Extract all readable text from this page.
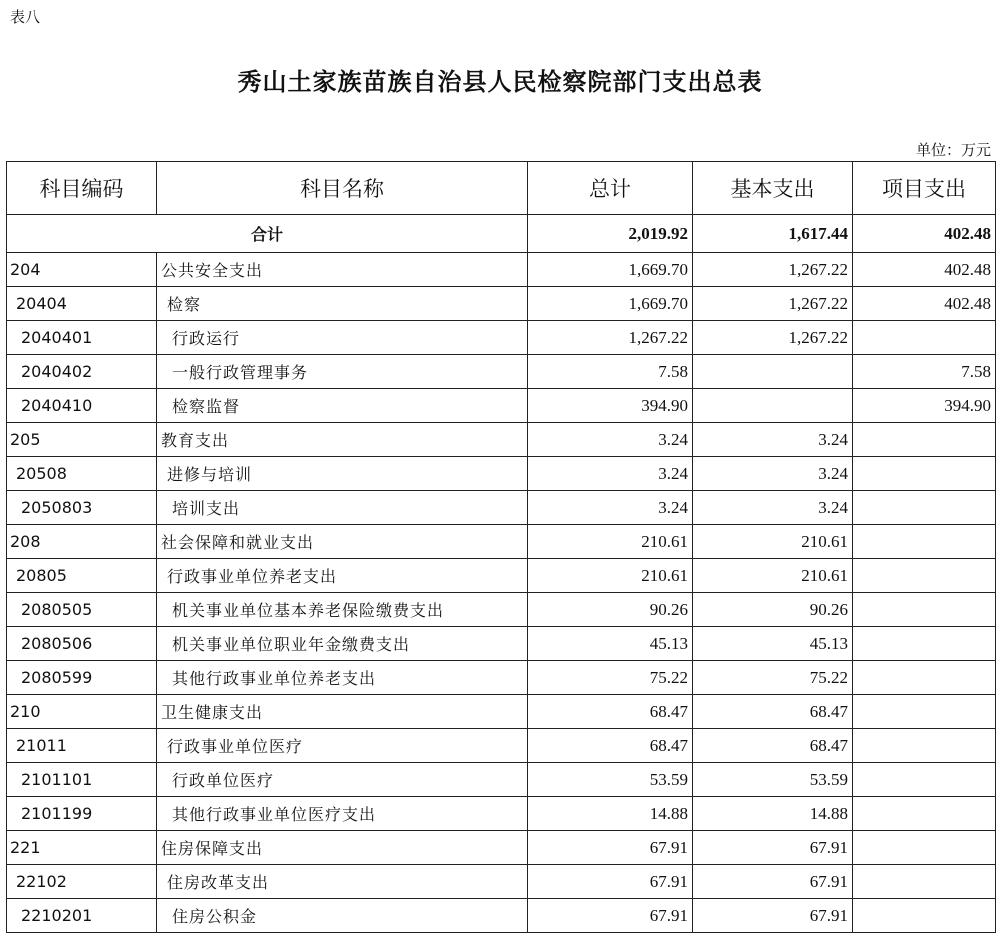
表八
秀山土家族苗族自治县人民检察院部门支出总表
单位：万元
科目编码	科目名称	总计	基本支出	项目支出
合计		2,019.92	1,617.44	402.48
204	公共安全支出	1,669.70	1,267.22	402.48
20404	检察	1,669.70	1,267.22	402.48
2040401	行政运行	1,267.22	1,267.22	
2040402	一般行政管理事务	7.58		7.58
2040410	检察监督	394.90		394.90
205	教育支出	3.24	3.24	
20508	进修与培训	3.24	3.24	
2050803	培训支出	3.24	3.24	
208	社会保障和就业支出	210.61	210.61	
20805	行政事业单位养老支出	210.61	210.61	
2080505	机关事业单位基本养老保险缴费支出	90.26	90.26	
2080506	机关事业单位职业年金缴费支出	45.13	45.13	
2080599	其他行政事业单位养老支出	75.22	75.22	
210	卫生健康支出	68.47	68.47	
21011	行政事业单位医疗	68.47	68.47	
2101101	行政单位医疗	53.59	53.59	
2101199	其他行政事业单位医疗支出	14.88	14.88	
221	住房保障支出	67.91	67.91	
22102	住房改革支出	67.91	67.91	
2210201	住房公积金	67.91	67.91	
